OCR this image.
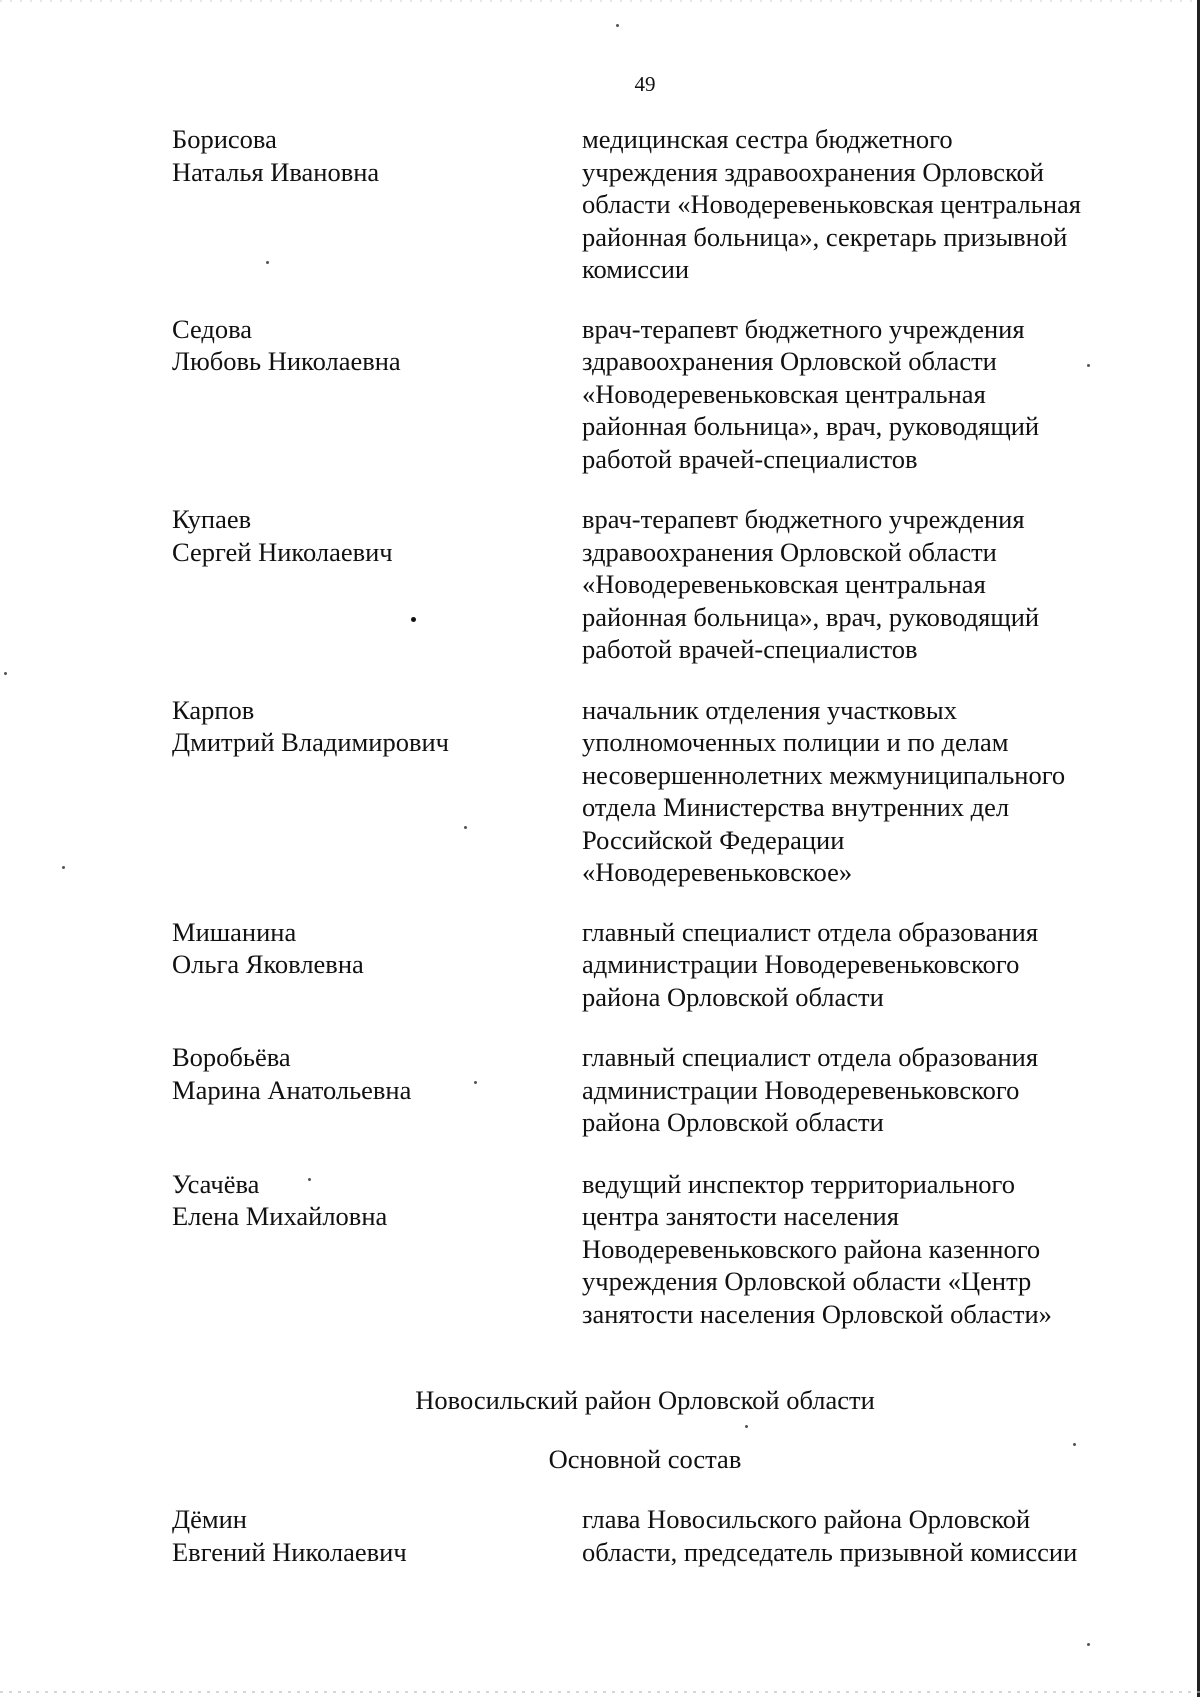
49
Борисова
Наталья Ивановна
медицинская сестра бюджетного
учреждения здравоохранения Орловской
области «Новодеревеньковская центральная
районная больница», секретарь призывной
комиссии
Седова
Любовь Николаевна
врач-терапевт бюджетного учреждения
здравоохранения Орловской области
«Новодеревеньковская центральная
районная больница», врач, руководящий
работой врачей-специалистов
Купаев
Сергей Николаевич
врач-терапевт бюджетного учреждения
здравоохранения Орловской области
«Новодеревеньковская центральная
районная больница», врач, руководящий
работой врачей-специалистов
Карпов
Дмитрий Владимирович
начальник отделения участковых
уполномоченных полиции и по делам
несовершеннолетних межмуниципального
отдела Министерства внутренних дел
Российской Федерации
«Новодеревеньковское»
Мишанина
Ольга Яковлевна
главный специалист отдела образования
администрации Новодеревеньковского
района Орловской области
Воробьёва
Марина Анатольевна
главный специалист отдела образования
администрации Новодеревеньковского
района Орловской области
Усачёва
Елена Михайловна
ведущий инспектор территориального
центра занятости населения
Новодеревеньковского района казенного
учреждения Орловской области «Центр
занятости населения Орловской области»
Новосильский район Орловской области
Основной состав
Дёмин
Евгений Николаевич
глава Новосильского района Орловской
области, председатель призывной комиссии
